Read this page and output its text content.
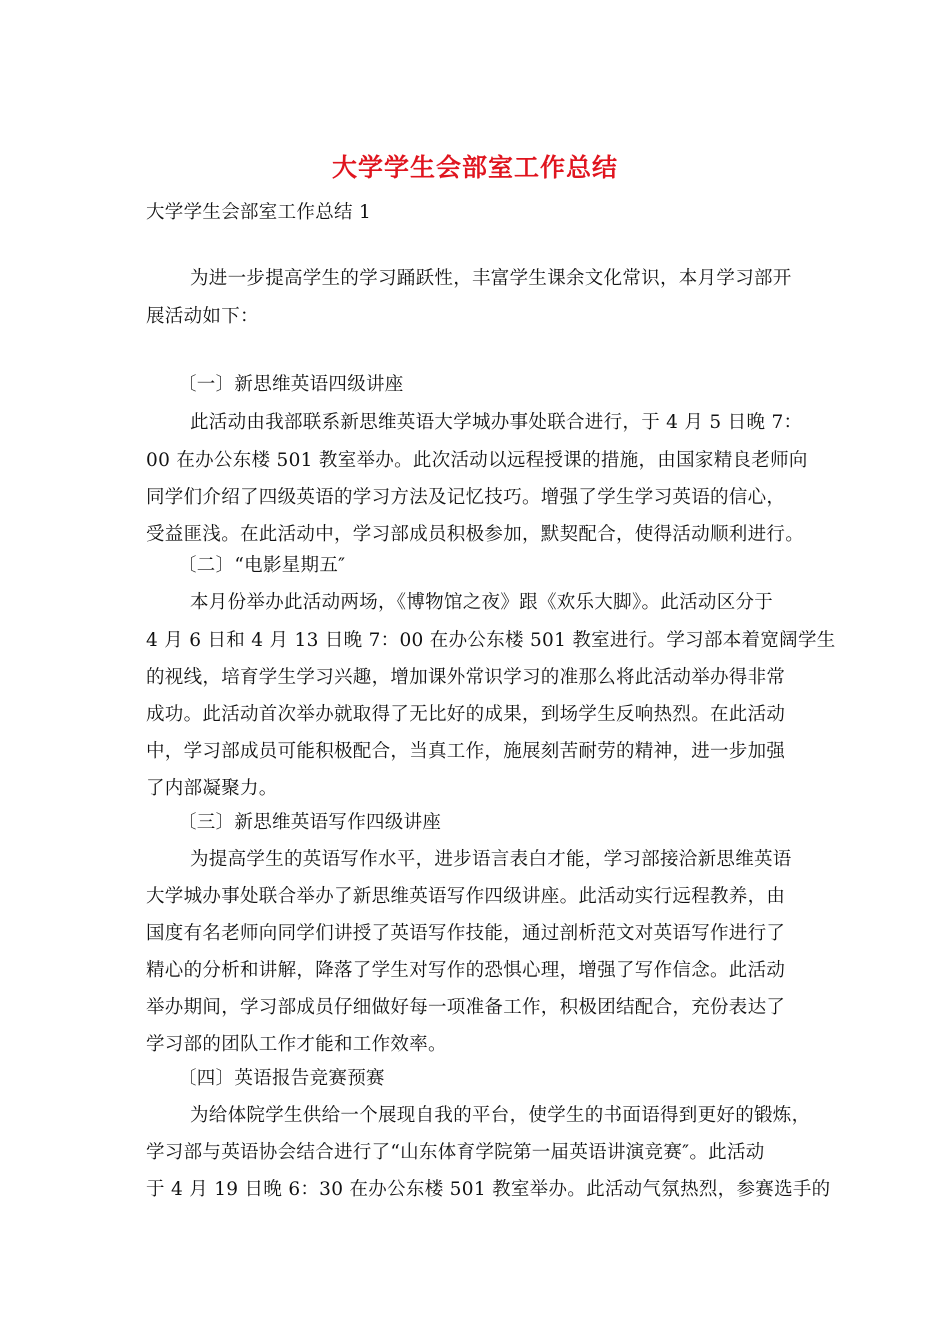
大学学生会部室工作总结
大学学生会部室工作总结 1
为进一步提高学生的学习踊跃性，丰富学生课余文化常识，本月学习部开
展活动如下：
〔一〕新思维英语四级讲座
此活动由我部联系新思维英语大学城办事处联合进行，于 4 月 5 日晚 7：
00 在办公东楼 501 教室举办。此次活动以远程授课的措施，由国家精良老师向
同学们介绍了四级英语的学习方法及记忆技巧。增强了学生学习英语的信心，
受益匪浅。在此活动中，学习部成员积极参加，默契配合，使得活动顺利进行。
〔二〕“电影星期五″
本月份举办此活动两场，《博物馆之夜》跟《欢乐大脚》。此活动区分于
4 月 6 日和 4 月 13 日晚 7：00 在办公东楼 501 教室进行。学习部本着宽阔学生
的视线，培育学生学习兴趣，增加课外常识学习的准那么将此活动举办得非常
成功。此活动首次举办就取得了无比好的成果，到场学生反响热烈。在此活动
中，学习部成员可能积极配合，当真工作，施展刻苦耐劳的精神，进一步加强
了内部凝聚力。
〔三〕新思维英语写作四级讲座
为提高学生的英语写作水平，进步语言表白才能，学习部接洽新思维英语
大学城办事处联合举办了新思维英语写作四级讲座。此活动实行远程教养，由
国度有名老师向同学们讲授了英语写作技能，通过剖析范文对英语写作进行了
精心的分析和讲解，降落了学生对写作的恐惧心理，增强了写作信念。此活动
举办期间，学习部成员仔细做好每一项准备工作，积极团结配合，充份表达了
学习部的团队工作才能和工作效率。
〔四〕英语报告竞赛预赛
为给体院学生供给一个展现自我的平台，使学生的书面语得到更好的锻炼，
学习部与英语协会结合进行了“山东体育学院第一届英语讲演竞赛″。此活动
于 4 月 19 日晚 6：30 在办公东楼 501 教室举办。此活动气氛热烈，参赛选手的
